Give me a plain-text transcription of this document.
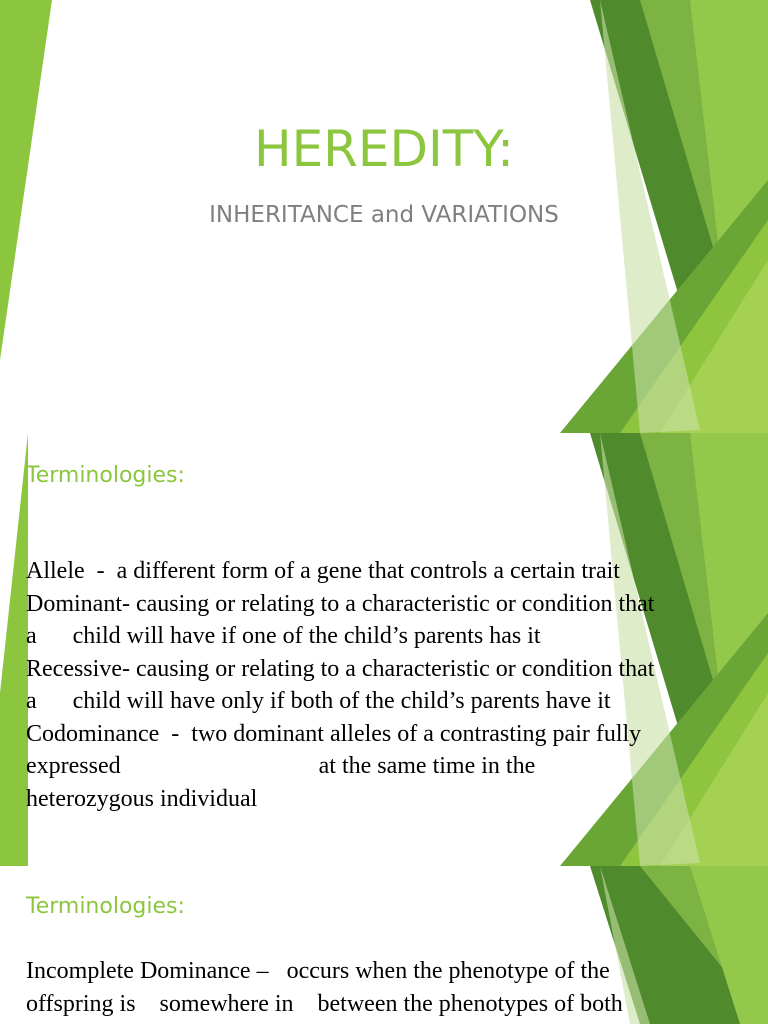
HEREDITY:
INHERITANCE and VARIATIONS
Terminologies:
Allele  -  a different form of a gene that controls a certain trait
Dominant- causing or relating to a characteristic or condition that
a      child will have if one of the child’s parents has it
Recessive- causing or relating to a characteristic or condition that
a      child will have only if both of the child’s parents have it
Codominance  -  two dominant alleles of a contrasting pair fully
expressed                                 at the same time in the
heterozygous individual
Terminologies:
Incomplete Dominance –   occurs when the phenotype of the
offspring is    somewhere in    between the phenotypes of both
